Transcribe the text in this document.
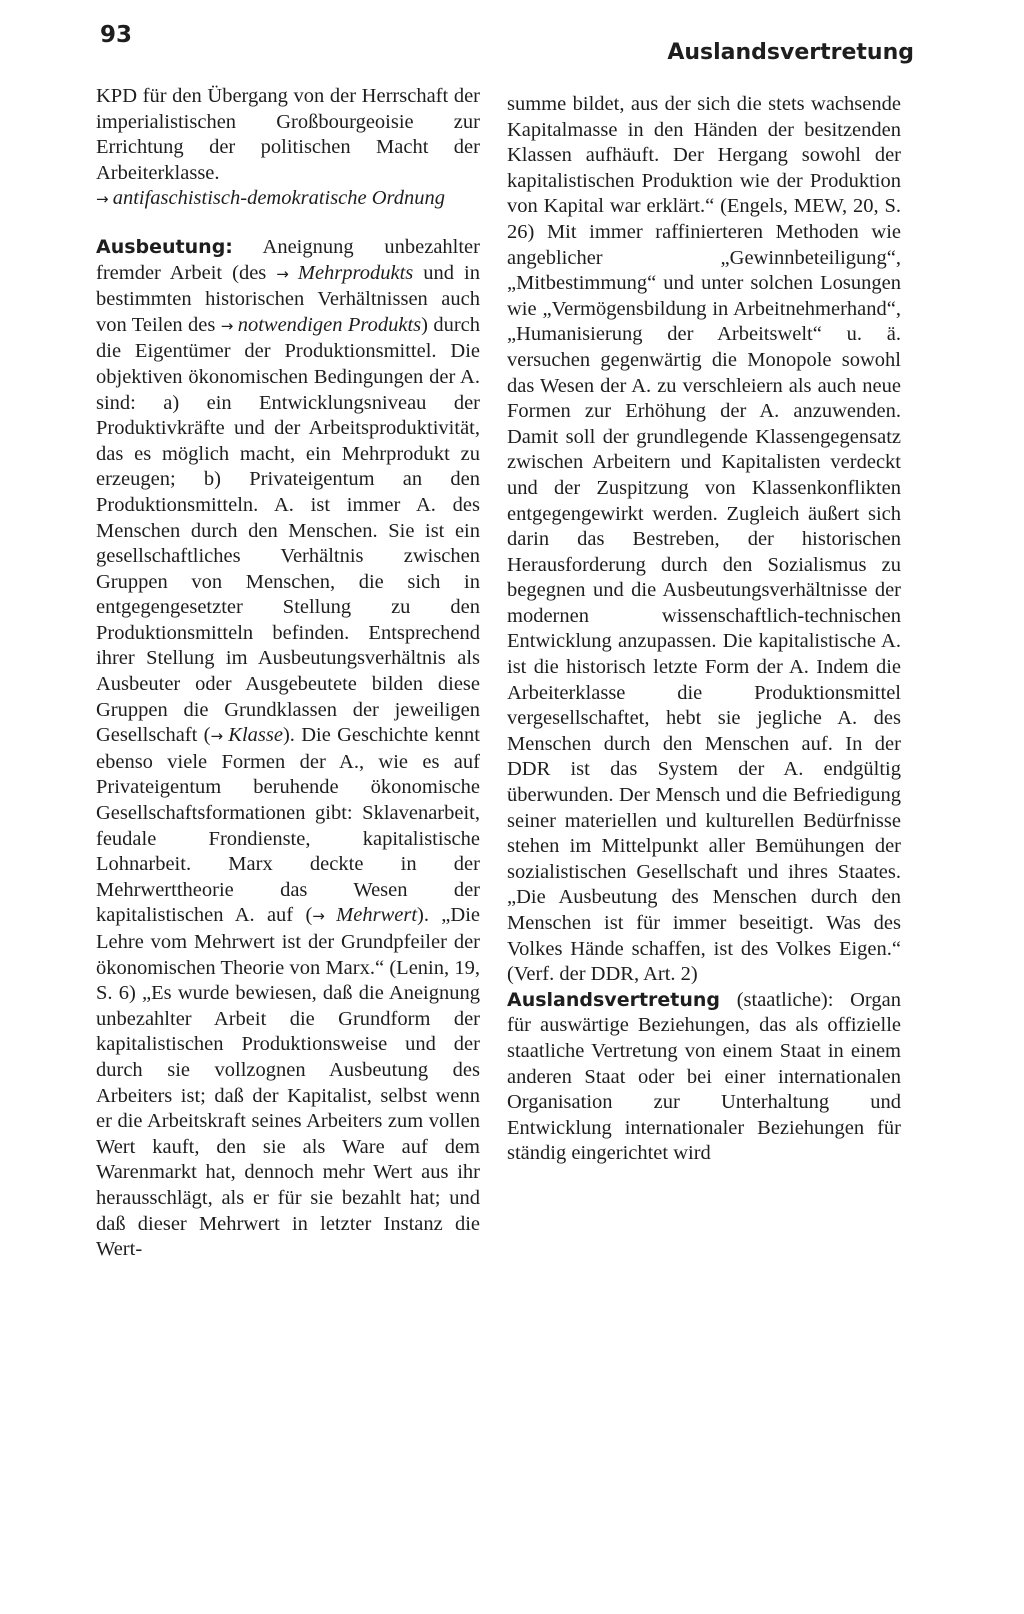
93
Auslandsvertretung

KPD für den Übergang von der Herrschaft der imperialistischen Großbourgeoisie zur Errichtung der politischen Macht der Arbeiterklasse.
→ antifaschistisch-demokratische Ordnung

Ausbeutung: Aneignung unbezahlter fremder Arbeit (des → Mehrprodukts und in bestimmten historischen Verhältnissen auch von Teilen des → notwendigen Produkts) durch die Eigentümer der Produktionsmittel. Die objektiven ökonomischen Bedingungen der A. sind: a) ein Entwicklungsniveau der Produktivkräfte und der Arbeitsproduktivität, das es möglich macht, ein Mehrprodukt zu erzeugen; b) Privateigentum an den Produktionsmitteln. A. ist immer A. des Menschen durch den Menschen. Sie ist ein gesellschaftliches Verhältnis zwischen Gruppen von Menschen, die sich in entgegengesetzter Stellung zu den Produktionsmitteln befinden. Entsprechend ihrer Stellung im Ausbeutungsverhältnis als Ausbeuter oder Ausgebeutete bilden diese Gruppen die Grundklassen der jeweiligen Gesellschaft (→ Klasse). Die Geschichte kennt ebenso viele Formen der A., wie es auf Privateigentum beruhende ökonomische Gesellschaftsformationen gibt: Sklavenarbeit, feudale Frondienste, kapitalistische Lohnarbeit. Marx deckte in der Mehrwerttheorie das Wesen der kapitalistischen A. auf (→ Mehrwert). „Die Lehre vom Mehrwert ist der Grundpfeiler der ökonomischen Theorie von Marx.“ (Lenin, 19, S. 6) „Es wurde bewiesen, daß die Aneignung unbezahlter Arbeit die Grundform der kapitalistischen Produktionsweise und der durch sie vollzognen Ausbeutung des Arbeiters ist; daß der Kapitalist, selbst wenn er die Arbeitskraft seines Arbeiters zum vollen Wert kauft, den sie als Ware auf dem Warenmarkt hat, dennoch mehr Wert aus ihr herausschlägt, als er für sie bezahlt hat; und daß dieser Mehrwert in letzter Instanz die Wert-

summe bildet, aus der sich die stets wachsende Kapitalmasse in den Händen der besitzenden Klassen aufhäuft. Der Hergang sowohl der kapitalistischen Produktion wie der Produktion von Kapital war erklärt.“ (Engels, MEW, 20, S. 26) Mit immer raffinierteren Methoden wie angeblicher „Gewinnbeteiligung“, „Mitbestimmung“ und unter solchen Losungen wie „Vermögensbildung in Arbeitnehmerhand“, „Humanisierung der Arbeitswelt“ u. ä. versuchen gegenwärtig die Monopole sowohl das Wesen der A. zu verschleiern als auch neue Formen zur Erhöhung der A. anzuwenden. Damit soll der grundlegende Klassengegensatz zwischen Arbeitern und Kapitalisten verdeckt und der Zuspitzung von Klassenkonflikten entgegengewirkt werden. Zugleich äußert sich darin das Bestreben, der historischen Herausforderung durch den Sozialismus zu begegnen und die Ausbeutungsverhältnisse der modernen wissenschaftlich-technischen Entwicklung anzupassen. Die kapitalistische A. ist die historisch letzte Form der A. Indem die Arbeiterklasse die Produktionsmittel vergesellschaftet, hebt sie jegliche A. des Menschen durch den Menschen auf. In der DDR ist das System der A. endgültig überwunden. Der Mensch und die Befriedigung seiner materiellen und kulturellen Bedürfnisse stehen im Mittelpunkt aller Bemühungen der sozialistischen Gesellschaft und ihres Staates. „Die Ausbeutung des Menschen durch den Menschen ist für immer beseitigt. Was des Volkes Hände schaffen, ist des Volkes Eigen.“ (Verf. der DDR, Art. 2)

Auslandsvertretung (staatliche): Organ für auswärtige Beziehungen, das als offizielle staatliche Vertretung von einem Staat in einem anderen Staat oder bei einer internationalen Organisation zur Unterhaltung und Entwicklung internationaler Beziehungen für ständig eingerichtet wird
